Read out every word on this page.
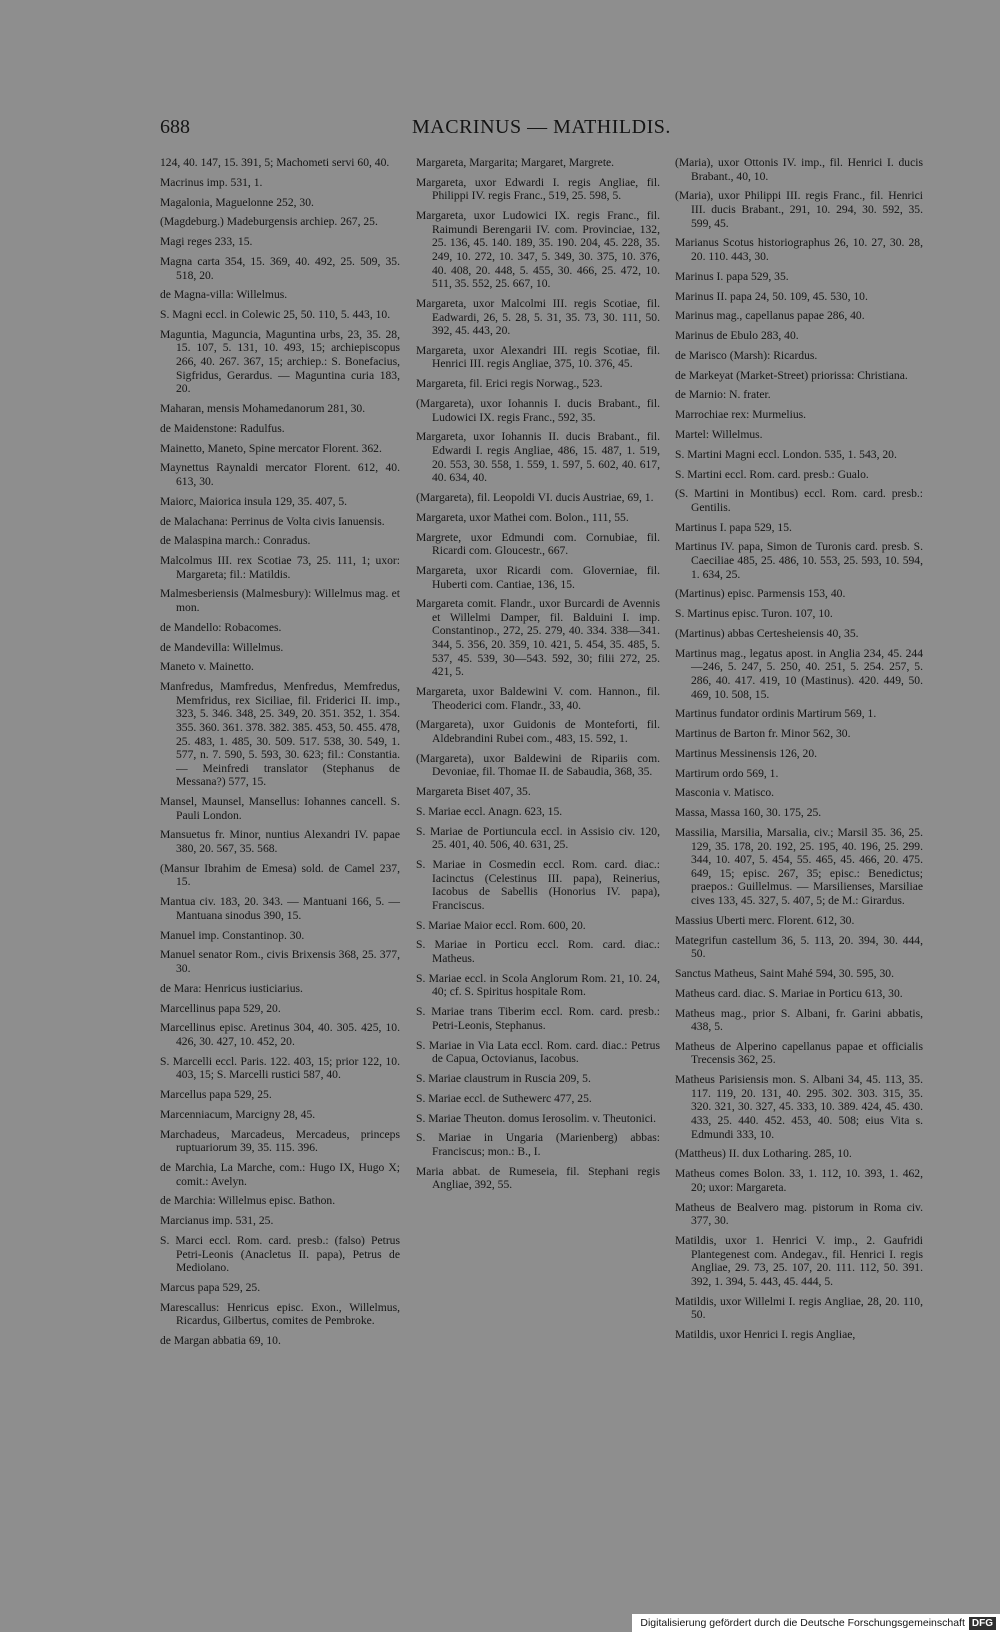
688	MACRINUS — MATHILDIS.
124, 40. 147, 15. 391, 5; Machometi servi 60, 40.
Macrinus imp. 531, 1.
Magalonia, Maguelonne 252, 30.
(Magdeburg.) Madeburgensis archiep. 267, 25.
Magi reges 233, 15.
Magna carta 354, 15. 369, 40. 492, 25. 509, 35. 518, 20.
de Magna-villa: Willelmus.
S. Magni eccl. in Colewic 25, 50. 110, 5. 443, 10.
Maguntia, Maguncia, Maguntina urbs, 23, 35. 28, 15. 107, 5. 131, 10. 493, 15; archiepiscopus 266, 40. 267. 367, 15; archiep.: S. Bonefacius, Sigfridus, Gerardus. — Maguntina curia 183, 20.
Maharan, mensis Mohamedanorum 281, 30.
de Maidenstone: Radulfus.
Mainetto, Maneto, Spine mercator Florent. 362.
Maynettus Raynaldi mercator Florent. 612, 40. 613, 30.
Maiorc, Maiorica insula 129, 35. 407, 5.
de Malachana: Perrinus de Volta civis Ianuensis.
de Malaspina march.: Conradus.
Malcolmus III. rex Scotiae 73, 25. 111, 1; uxor: Margareta; fil.: Matildis.
Malmesberiensis (Malmesbury): Willelmus mag. et mon.
de Mandello: Robacomes.
de Mandevilla: Willelmus.
Maneto v. Mainetto.
Manfredus, Mamfredus, Menfredus, Memfredus, Memfridus, rex Siciliae, fil. Friderici II. imp., 323, 5. 346. 348, 25. 349, 20. 351. 352, 1. 354. 355. 360. 361. 378. 382. 385. 453, 50. 455. 478, 25. 483, 1. 485, 30. 509. 517. 538, 30. 549, 1. 577, n. 7. 590, 5. 593, 30. 623; fil.: Constantia. — Meinfredi translator (Stephanus de Messana?) 577, 15.
Mansel, Maunsel, Mansellus: Iohannes cancell. S. Pauli London.
Mansuetus fr. Minor, nuntius Alexandri IV. papae 380, 20. 567, 35. 568.
(Mansur Ibrahim de Emesa) sold. de Camel 237, 15.
Mantua civ. 183, 20. 343. — Mantuani 166, 5. — Mantuana sinodus 390, 15.
Manuel imp. Constantinop. 30.
Manuel senator Rom., civis Brixensis 368, 25. 377, 30.
de Mara: Henricus iusticiarius.
Marcellinus papa 529, 20.
Marcellinus episc. Aretinus 304, 40. 305. 425, 10. 426, 30. 427, 10. 452, 20.
S. Marcelli eccl. Paris. 122. 403, 15; prior 122, 10. 403, 15; S. Marcelli rustici 587, 40.
Marcellus papa 529, 25.
Marcenniacum, Marcigny 28, 45.
Marchadeus, Marcadeus, Mercadeus, princeps ruptuariorum 39, 35. 115. 396.
de Marchia, La Marche, com.: Hugo IX, Hugo X; comit.: Avelyn.
de Marchia: Willelmus episc. Bathon.
Marcianus imp. 531, 25.
S. Marci eccl. Rom. card. presb.: (falso) Petrus Petri-Leonis (Anacletus II. papa), Petrus de Mediolano.
Marcus papa 529, 25.
Marescallus: Henricus episc. Exon., Willelmus, Ricardus, Gilbertus, comites de Pembroke.
de Margan abbatia 69, 10.
Margareta, Margarita; Margaret, Margrete.
Margareta, uxor Edwardi I. regis Angliae, fil. Philippi IV. regis Franc., 519, 25. 598, 5.
Margareta, uxor Ludowici IX. regis Franc., fil. Raimundi Berengarii IV. com. Provinciae, 132, 25. 136, 45. 140. 189, 35. 190. 204, 45. 228, 35. 249, 10. 272, 10. 347, 5. 349, 30. 375, 10. 376, 40. 408, 20. 448, 5. 455, 30. 466, 25. 472, 10. 511, 35. 552, 25. 667, 10.
Margareta, uxor Malcolmi III. regis Scotiae, fil. Eadwardi, 26, 5. 28, 5. 31, 35. 73, 30. 111, 50. 392, 45. 443, 20.
Margareta, uxor Alexandri III. regis Scotiae, fil. Henrici III. regis Angliae, 375, 10. 376, 45.
Margareta, fil. Erici regis Norwag., 523.
(Margareta), uxor Iohannis I. ducis Brabant., fil. Ludowici IX. regis Franc., 592, 35.
Margareta, uxor Iohannis II. ducis Brabant., fil. Edwardi I. regis Angliae, 486, 15. 487, 1. 519, 20. 553, 30. 558, 1. 559, 1. 597, 5. 602, 40. 617, 40. 634, 40.
(Margareta), fil. Leopoldi VI. ducis Austriae, 69, 1.
Margareta, uxor Mathei com. Bolon., 111, 55.
Margrete, uxor Edmundi com. Cornubiae, fil. Ricardi com. Gloucestr., 667.
Margareta, uxor Ricardi com. Gloverniae, fil. Huberti com. Cantiae, 136, 15.
Margareta comit. Flandr., uxor Burcardi de Avennis et Willelmi Damper, fil. Balduini I. imp. Constantinop., 272, 25. 279, 40. 334. 338—341. 344, 5. 356, 20. 359, 10. 421, 5. 454, 35. 485, 5. 537, 45. 539, 30—543. 592, 30; filii 272, 25. 421, 5.
Margareta, uxor Baldewini V. com. Hannon., fil. Theoderici com. Flandr., 33, 40.
(Margareta), uxor Guidonis de Monteforti, fil. Aldebrandini Rubei com., 483, 15. 592, 1.
(Margareta), uxor Baldewini de Ripariis com. Devoniae, fil. Thomae II. de Sabaudia, 368, 35.
Margareta Biset 407, 35.
S. Mariae eccl. Anagn. 623, 15.
S. Mariae de Portiuncula eccl. in Assisio civ. 120, 25. 401, 40. 506, 40. 631, 25.
S. Mariae in Cosmedin eccl. Rom. card. diac.: Iacinctus (Celestinus III. papa), Reinerius, Iacobus de Sabellis (Honorius IV. papa), Franciscus.
S. Mariae Maior eccl. Rom. 600, 20.
S. Mariae in Porticu eccl. Rom. card. diac.: Matheus.
S. Mariae eccl. in Scola Anglorum Rom. 21, 10. 24, 40; cf. S. Spiritus hospitale Rom.
S. Mariae trans Tiberim eccl. Rom. card. presb.: Petri-Leonis, Stephanus.
S. Mariae in Via Lata eccl. Rom. card. diac.: Petrus de Capua, Octovianus, Iacobus.
S. Mariae claustrum in Ruscia 209, 5.
S. Mariae eccl. de Suthewerc 477, 25.
S. Mariae Theuton. domus Ierosolim. v. Theutonici.
S. Mariae in Ungaria (Marienberg) abbas: Franciscus; mon.: B., I.
Maria abbat. de Rumeseia, fil. Stephani regis Angliae, 392, 55.
(Maria), uxor Ottonis IV. imp., fil. Henrici I. ducis Brabant., 40, 10.
(Maria), uxor Philippi III. regis Franc., fil. Henrici III. ducis Brabant., 291, 10. 294, 30. 592, 35. 599, 45.
Marianus Scotus historiographus 26, 10. 27, 30. 28, 20. 110. 443, 30.
Marinus I. papa 529, 35.
Marinus II. papa 24, 50. 109, 45. 530, 10.
Marinus mag., capellanus papae 286, 40.
Marinus de Ebulo 283, 40.
de Marisco (Marsh): Ricardus.
de Markeyat (Market-Street) priorissa: Christiana.
de Marnio: N. frater.
Marrochiae rex: Murmelius.
Martel: Willelmus.
S. Martini Magni eccl. London. 535, 1. 543, 20.
S. Martini eccl. Rom. card. presb.: Gualo.
(S. Martini in Montibus) eccl. Rom. card. presb.: Gentilis.
Martinus I. papa 529, 15.
Martinus IV. papa, Simon de Turonis card. presb. S. Caeciliae 485, 25. 486, 10. 553, 25. 593, 10. 594, 1. 634, 25.
(Martinus) episc. Parmensis 153, 40.
S. Martinus episc. Turon. 107, 10.
(Martinus) abbas Certesheiensis 40, 35.
Martinus mag., legatus apost. in Anglia 234, 45. 244—246, 5. 247, 5. 250, 40. 251, 5. 254. 257, 5. 286, 40. 417. 419, 10 (Mastinus). 420. 449, 50. 469, 10. 508, 15.
Martinus fundator ordinis Martirum 569, 1.
Martinus de Barton fr. Minor 562, 30.
Martinus Messinensis 126, 20.
Martirum ordo 569, 1.
Masconia v. Matisco.
Massa, Massa 160, 30. 175, 25.
Massilia, Marsilia, Marsalia, civ.; Marsil 35. 36, 25. 129, 35. 178, 20. 192, 25. 195, 40. 196, 25. 299. 344, 10. 407, 5. 454, 55. 465, 45. 466, 20. 475. 649, 15; episc. 267, 35; episc.: Benedictus; praepos.: Guillelmus. — Marsilienses, Marsiliae cives 133, 45. 327, 5. 407, 5; de M.: Girardus.
Massius Uberti merc. Florent. 612, 30.
Mategrifun castellum 36, 5. 113, 20. 394, 30. 444, 50.
Sanctus Matheus, Saint Mahé 594, 30. 595, 30.
Matheus card. diac. S. Mariae in Porticu 613, 30.
Matheus mag., prior S. Albani, fr. Garini abbatis, 438, 5.
Matheus de Alperino capellanus papae et officialis Trecensis 362, 25.
Matheus Parisiensis mon. S. Albani 34, 45. 113, 35. 117. 119, 20. 131, 40. 295. 302. 303. 315, 35. 320. 321, 30. 327, 45. 333, 10. 389. 424, 45. 430. 433, 25. 440. 452. 453, 40. 508; eius Vita s. Edmundi 333, 10.
(Mattheus) II. dux Lotharing. 285, 10.
Matheus comes Bolon. 33, 1. 112, 10. 393, 1. 462, 20; uxor: Margareta.
Matheus de Bealvero mag. pistorum in Roma civ. 377, 30.
Matildis, uxor 1. Henrici V. imp., 2. Gaufridi Plantegenest com. Andegav., fil. Henrici I. regis Angliae, 29. 73, 25. 107, 20. 111. 112, 50. 391. 392, 1. 394, 5. 443, 45. 444, 5.
Matildis, uxor Willelmi I. regis Angliae, 28, 20. 110, 50.
Matildis, uxor Henrici I. regis Angliae,
Digitalisierung gefördert durch die Deutsche Forschungsgemeinschaft DFG
